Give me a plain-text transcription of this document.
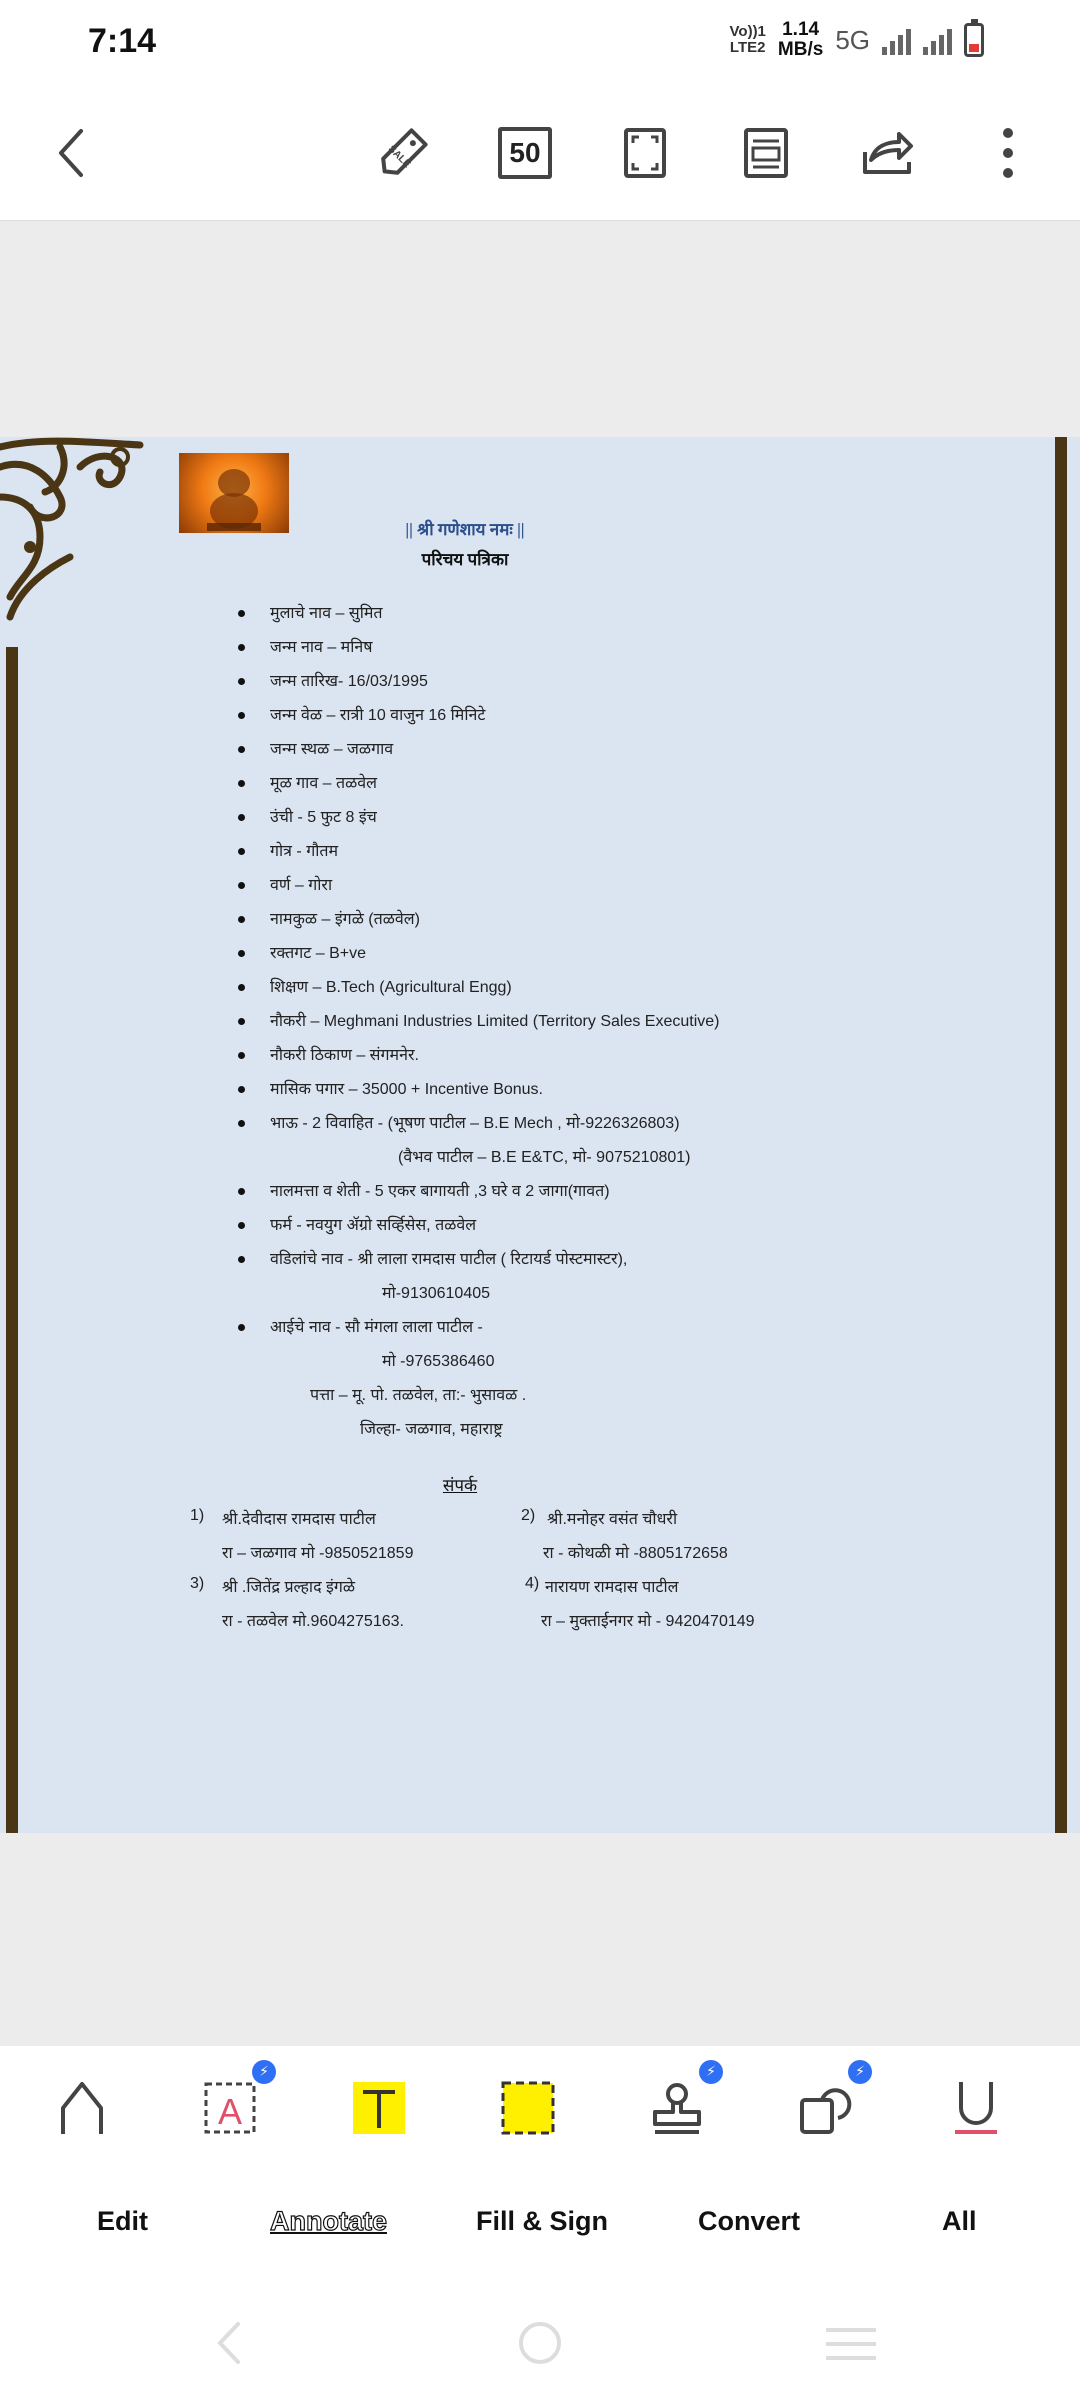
7:14	Vo))1
LTE2
1.14
MB/s 5G
SALE	50
|| श्री गणेशाय नमः ||
परिचय पत्रिका
मुलाचे नाव – सुमित
जन्म नाव – मनिष
जन्म तारिख- 16/03/1995
जन्म वेळ – रात्री 10 वाजुन 16 मिनिटे
जन्म स्थळ – जळगाव
मूळ गाव – तळवेल
उंची - 5 फुट 8 इंच
गोत्र - गौतम
वर्ण – गोरा
नामकुळ – इंगळे (तळवेल)
रक्तगट – B+ve
शिक्षण – B.Tech (Agricultural Engg)
नौकरी – Meghmani Industries Limited (Territory Sales Executive)
नौकरी ठिकाण – संगमनेर.
मासिक पगार – 35000 + Incentive Bonus.
भाऊ - 2 विवाहित - (भूषण पाटील – B.E Mech , मो-9226326803)
(वैभव पाटील – B.E E&TC, मो- 9075210801)
नालमत्ता व शेती - 5 एकर बागायती ,3 घरे व 2 जागा(गावत)
फर्म - नवयुग ॲग्रो सर्व्हिसेस, तळवेल
वडिलांचे नाव - श्री लाला रामदास पाटील ( रिटायर्ड पोस्टमास्टर),
मो-9130610405
आईचे नाव - सौ मंगला लाला पाटील -
मो -9765386460
पत्ता – मू. पो. तळवेल, ता:- भुसावळ .
जिल्हा- जळगाव, महाराष्ट्र
संपर्क
1) श्री.देवीदास रामदास पाटील
रा – जळगाव मो -9850521859
2) श्री.मनोहर वसंत चौधरी
रा - कोथळी मो -8805172658
3) श्री .जितेंद्र प्रल्हाद इंगळे
रा - तळवेल मो.9604275163.
4) नारायण रामदास पाटील
रा – मुक्ताईनगर मो - 9420470149
A
⚡	⚡	⚡
Edit	Annotate	Fill & Sign	Convert	All
